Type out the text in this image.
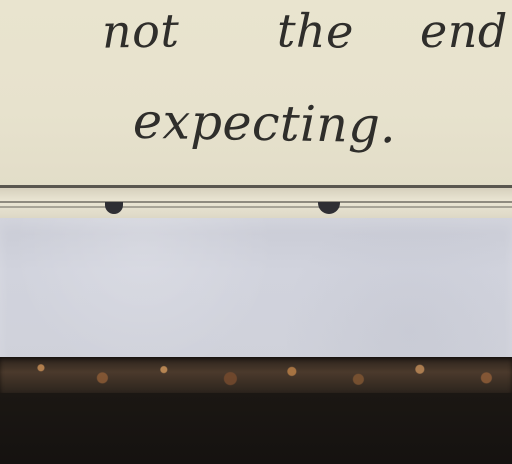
not the end
expecting.
